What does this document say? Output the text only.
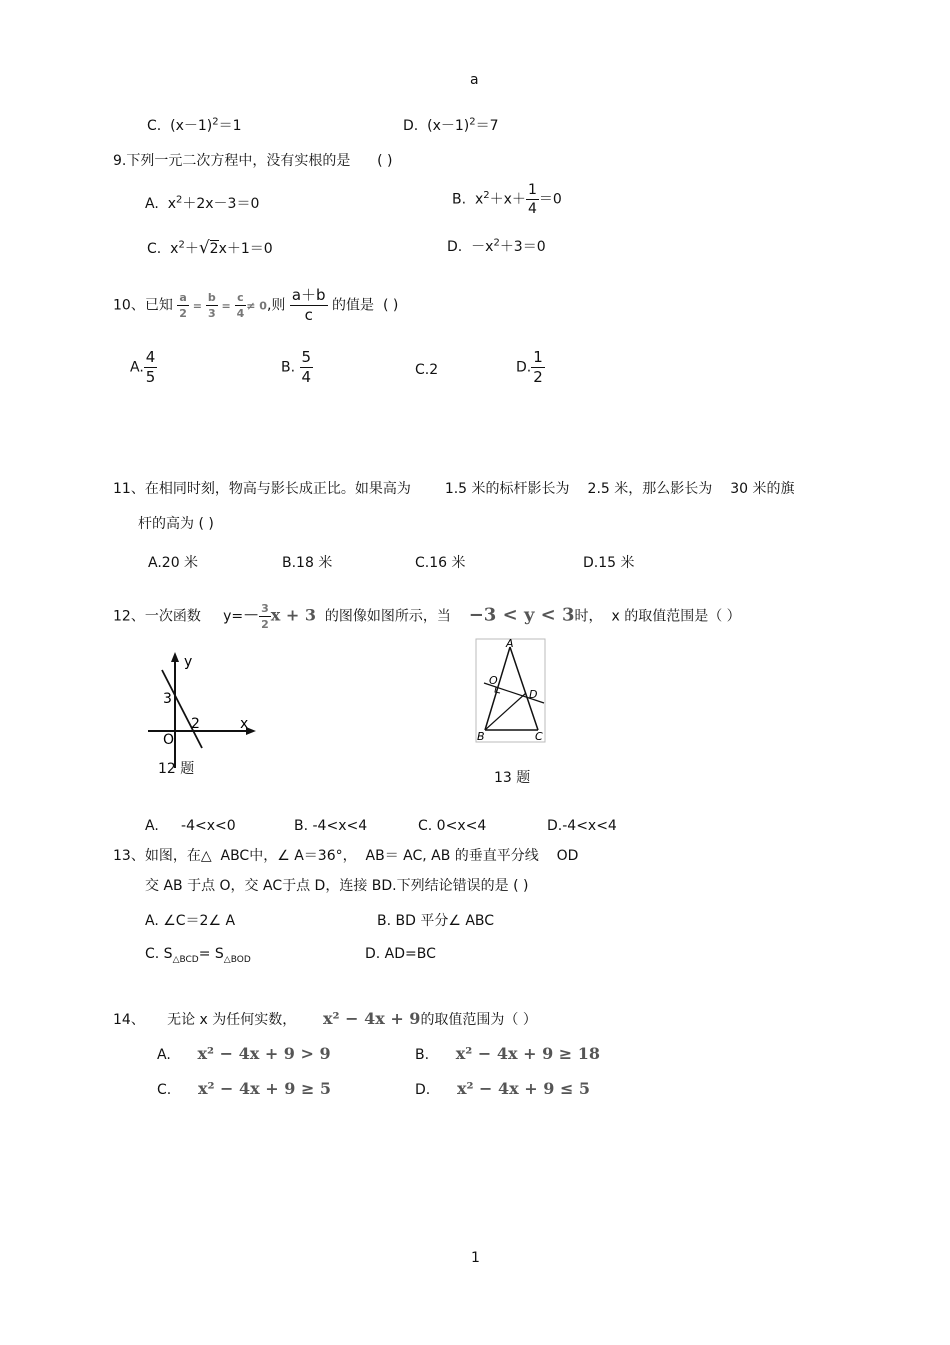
a
C. $(x-1)^2=1$	D. $(x-1)^2=7$
9.下列一元二次方程中，没有实根的是 ( )
A. $x^2+2x-3=0$	B. $x^2+x+ \frac{1}{4} =0$
C. $x^2+√2x+1=0$	D. $-x^2+3=0$
10、已知 $\frac{a}{2} = \frac{b}{3} = \frac{c}{4} \ne 0$,则 $\frac{a+b}{c}$ 的值是 ( )
A. $\frac{4}{5}$	B. $\frac{5}{4}$	C.2	D. $\frac{1}{2}$
11、在相同时刻，物高与影长成正比。如果高为 1.5 米的标杆影长为 2.5 米，那么影长为 30 米的旗
杆的高为 ( )
A.20 米	B.18 米	C.16 米	D.15 米
12、一次函数 $y=- \frac{3}{2}$ x + 3 的图像如图所示，当 −3 < y < 3时， x 的取值范围是（ ）
y
x
3
2
O
12 题
A
O
D
B	C
13 题
A. -4<x<0	B. -4<x<4	C. 0<x<4	D.-4<x<4
13、如图，在△ ABC中，∠ A＝36°， AB＝ AC, AB 的垂直平分线 OD
交 AB 于点 O，交 AC于点 D，连接 BD.下列结论错误的是 ( )
A. ∠C＝2∠ A	B. BD 平分∠ ABC
C. $S_{\triangle BCD}= S_{\triangle BOD}$	D. AD=BC
14、 无论 x 为任何实数， x² − 4x + 9的取值范围为（ ）
A. x² − 4x + 9 > 9	B. x² − 4x + 9 ≥ 18
C. x² − 4x + 9 ≥ 5	D. x² − 4x + 9 ≤ 5
1
